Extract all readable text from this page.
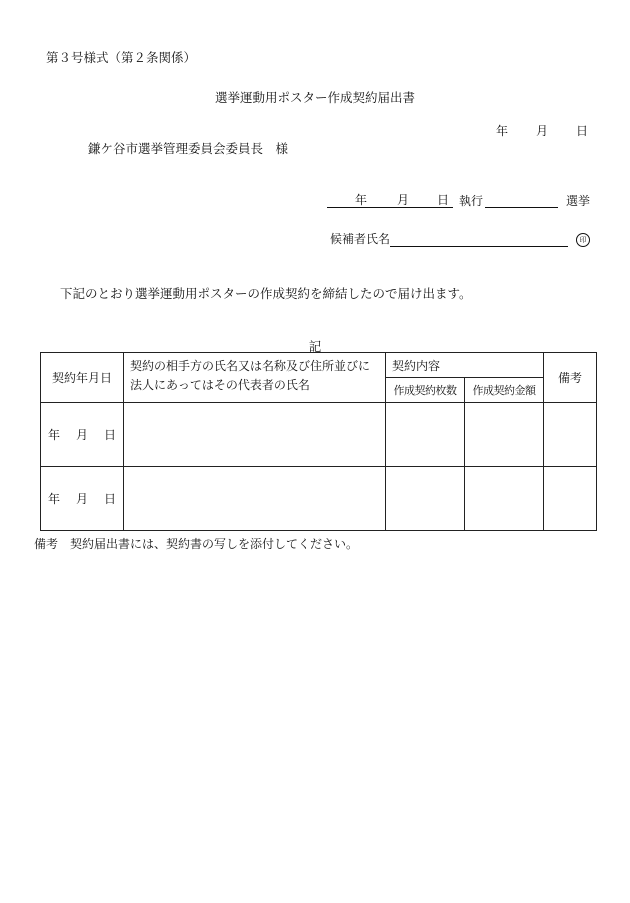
第３号様式（第２条関係）
選挙運動用ポスター作成契約届出書
年 月 日
鎌ケ谷市選挙管理委員会委員長　様
年 月 日 執行	選挙
候補者氏名	印
下記のとおり選挙運動用ポスターの作成契約を締結したので届け出ます。
記
契約年月日	契約の相手方の氏名又は名称及び住所並びに法人にあってはその代表者の氏名	契約内容		備考
		作成契約枚数	作成契約金額	
年 月 日				
年 月 日				
備考　契約届出書には、契約書の写しを添付してください。
